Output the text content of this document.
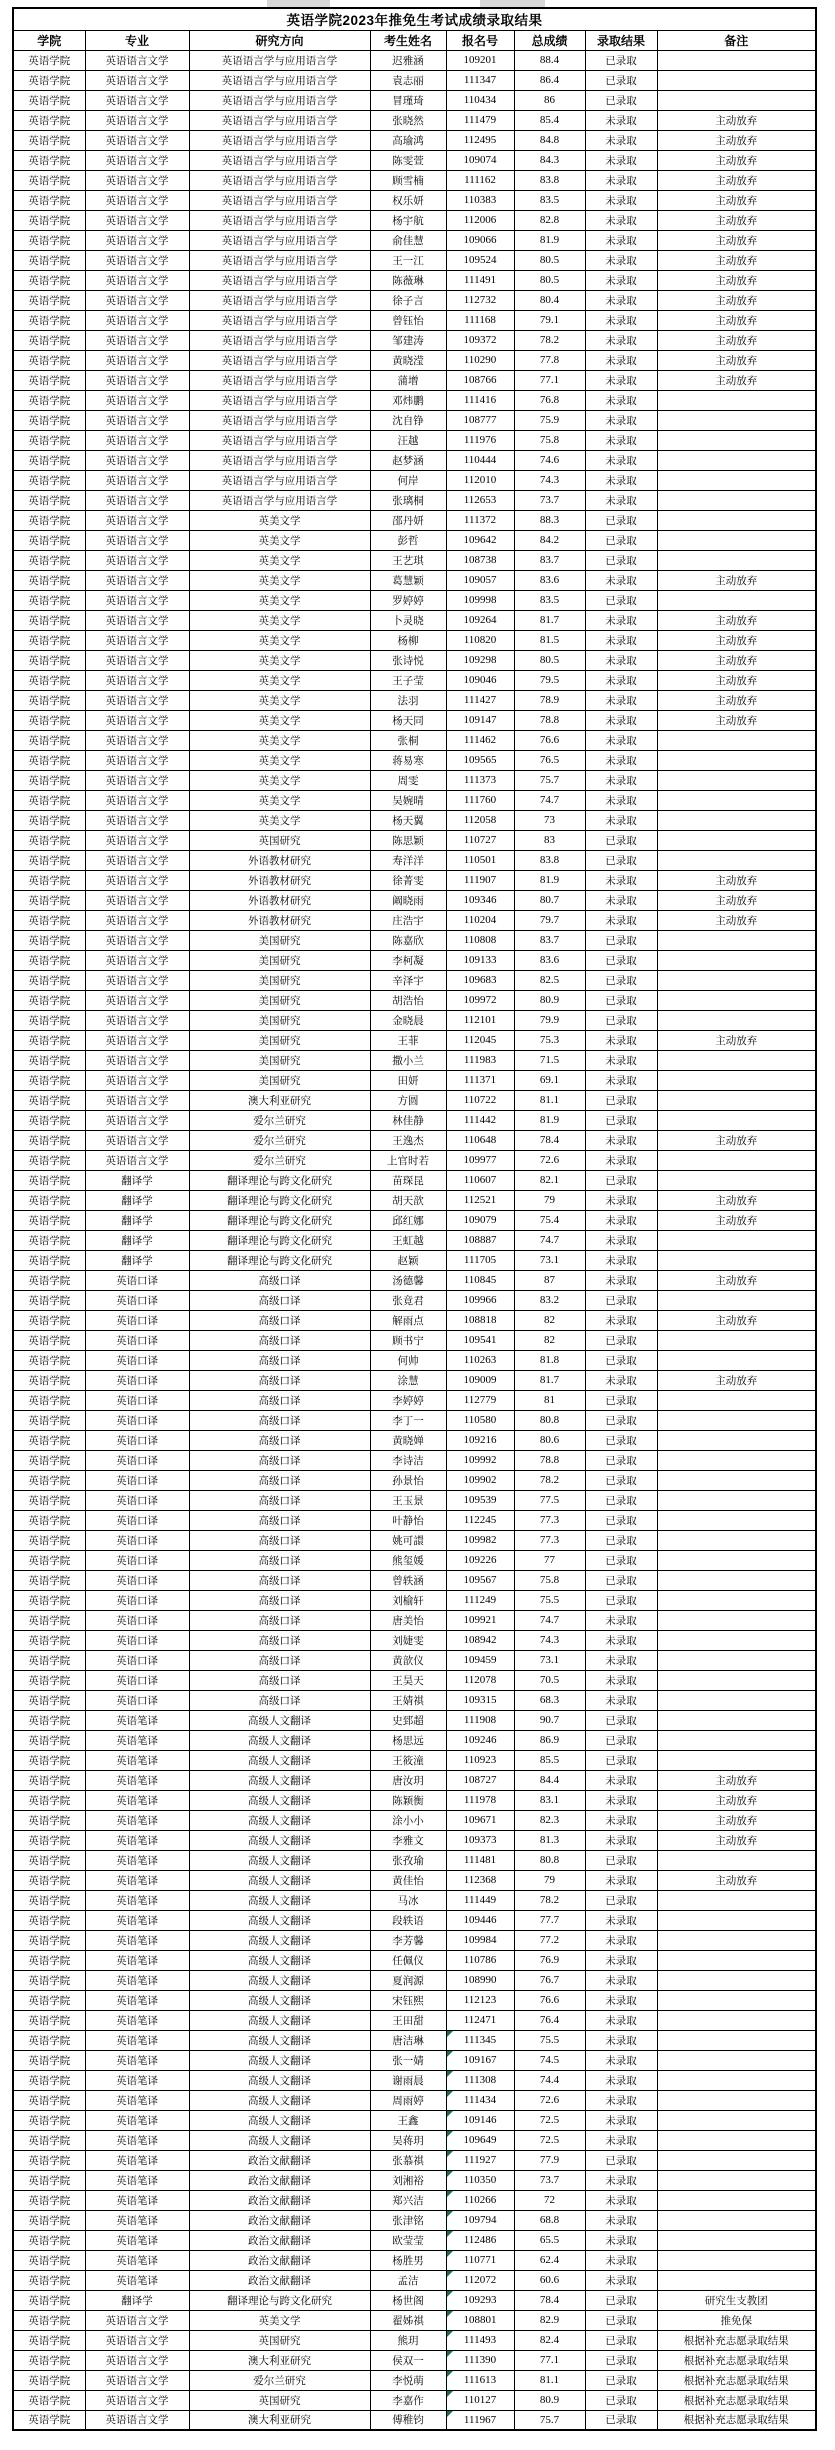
英语学院2023年推免生考试成绩录取结果							
学院	专业	研究方向	考生姓名	报名号	总成绩	录取结果	备注
英语学院	英语语言文学	英语语言学与应用语言学	迟雅涵	109201	88.4	已录取	
英语学院	英语语言文学	英语语言学与应用语言学	袁志丽	111347	86.4	已录取	
英语学院	英语语言文学	英语语言学与应用语言学	冒瑾琦	110434	86	已录取	
英语学院	英语语言文学	英语语言学与应用语言学	张晓然	111479	85.4	未录取	主动放弃
英语学院	英语语言文学	英语语言学与应用语言学	高瑜鸿	112495	84.8	未录取	主动放弃
英语学院	英语语言文学	英语语言学与应用语言学	陈雯萱	109074	84.3	未录取	主动放弃
英语学院	英语语言文学	英语语言学与应用语言学	顾雪楠	111162	83.8	未录取	主动放弃
英语学院	英语语言文学	英语语言学与应用语言学	权乐妍	110383	83.5	未录取	主动放弃
英语学院	英语语言文学	英语语言学与应用语言学	杨宇航	112006	82.8	未录取	主动放弃
英语学院	英语语言文学	英语语言学与应用语言学	俞佳慧	109066	81.9	未录取	主动放弃
英语学院	英语语言文学	英语语言学与应用语言学	王一江	109524	80.5	未录取	主动放弃
英语学院	英语语言文学	英语语言学与应用语言学	陈薇琳	111491	80.5	未录取	主动放弃
英语学院	英语语言文学	英语语言学与应用语言学	徐子言	112732	80.4	未录取	主动放弃
英语学院	英语语言文学	英语语言学与应用语言学	曾钰怡	111168	79.1	未录取	主动放弃
英语学院	英语语言文学	英语语言学与应用语言学	邹建涛	109372	78.2	未录取	主动放弃
英语学院	英语语言文学	英语语言学与应用语言学	黄晓滢	110290	77.8	未录取	主动放弃
英语学院	英语语言文学	英语语言学与应用语言学	蒲增	108766	77.1	未录取	主动放弃
英语学院	英语语言文学	英语语言学与应用语言学	邓炜鹏	111416	76.8	未录取	
英语学院	英语语言文学	英语语言学与应用语言学	沈自铮	108777	75.9	未录取	
英语学院	英语语言文学	英语语言学与应用语言学	汪越	111976	75.8	未录取	
英语学院	英语语言文学	英语语言学与应用语言学	赵梦涵	110444	74.6	未录取	
英语学院	英语语言文学	英语语言学与应用语言学	何岸	112010	74.3	未录取	
英语学院	英语语言文学	英语语言学与应用语言学	张璃桐	112653	73.7	未录取	
英语学院	英语语言文学	英美文学	邵丹妍	111372	88.3	已录取	
英语学院	英语语言文学	英美文学	彭哲	109642	84.2	已录取	
英语学院	英语语言文学	英美文学	王艺琪	108738	83.7	已录取	
英语学院	英语语言文学	英美文学	葛慧颖	109057	83.6	未录取	主动放弃
英语学院	英语语言文学	英美文学	罗婷婷	109998	83.5	已录取	
英语学院	英语语言文学	英美文学	卜灵晓	109264	81.7	未录取	主动放弃
英语学院	英语语言文学	英美文学	杨柳	110820	81.5	未录取	主动放弃
英语学院	英语语言文学	英美文学	张诗悦	109298	80.5	未录取	主动放弃
英语学院	英语语言文学	英美文学	王子莹	109046	79.5	未录取	主动放弃
英语学院	英语语言文学	英美文学	法羽	111427	78.9	未录取	主动放弃
英语学院	英语语言文学	英美文学	杨天同	109147	78.8	未录取	主动放弃
英语学院	英语语言文学	英美文学	张桐	111462	76.6	未录取	
英语学院	英语语言文学	英美文学	蒋易寒	109565	76.5	未录取	
英语学院	英语语言文学	英美文学	周雯	111373	75.7	未录取	
英语学院	英语语言文学	英美文学	吴婉晴	111760	74.7	未录取	
英语学院	英语语言文学	英美文学	杨天翼	112058	73	未录取	
英语学院	英语语言文学	英国研究	陈思颖	110727	83	已录取	
英语学院	英语语言文学	外语教材研究	寿洋洋	110501	83.8	已录取	
英语学院	英语语言文学	外语教材研究	徐菁雯	111907	81.9	未录取	主动放弃
英语学院	英语语言文学	外语教材研究	阚晓雨	109346	80.7	未录取	主动放弃
英语学院	英语语言文学	外语教材研究	庄浩宇	110204	79.7	未录取	主动放弃
英语学院	英语语言文学	美国研究	陈嘉欣	110808	83.7	已录取	
英语学院	英语语言文学	美国研究	李柯凝	109133	83.6	已录取	
英语学院	英语语言文学	美国研究	辛泽宇	109683	82.5	已录取	
英语学院	英语语言文学	美国研究	胡浩怡	109972	80.9	已录取	
英语学院	英语语言文学	美国研究	金晓晨	112101	79.9	已录取	
英语学院	英语语言文学	美国研究	王菲	112045	75.3	未录取	主动放弃
英语学院	英语语言文学	美国研究	撒小兰	111983	71.5	未录取	
英语学院	英语语言文学	美国研究	田妍	111371	69.1	未录取	
英语学院	英语语言文学	澳大利亚研究	方圆	110722	81.1	已录取	
英语学院	英语语言文学	爱尔兰研究	林佳静	111442	81.9	已录取	
英语学院	英语语言文学	爱尔兰研究	王逸杰	110648	78.4	未录取	主动放弃
英语学院	英语语言文学	爱尔兰研究	上官时若	109977	72.6	未录取	
英语学院	翻译学	翻译理论与跨文化研究	苗琛昆	110607	82.1	已录取	
英语学院	翻译学	翻译理论与跨文化研究	胡天歆	112521	79	未录取	主动放弃
英语学院	翻译学	翻译理论与跨文化研究	邱红娜	109079	75.4	未录取	主动放弃
英语学院	翻译学	翻译理论与跨文化研究	王虹越	108887	74.7	未录取	
英语学院	翻译学	翻译理论与跨文化研究	赵颖	111705	73.1	未录取	
英语学院	英语口译	高级口译	汤德馨	110845	87	未录取	主动放弃
英语学院	英语口译	高级口译	张竟君	109966	83.2	已录取	
英语学院	英语口译	高级口译	解雨点	108818	82	未录取	主动放弃
英语学院	英语口译	高级口译	顾书宁	109541	82	已录取	
英语学院	英语口译	高级口译	何帅	110263	81.8	已录取	
英语学院	英语口译	高级口译	涂慧	109009	81.7	未录取	主动放弃
英语学院	英语口译	高级口译	李婷婷	112779	81	已录取	
英语学院	英语口译	高级口译	李丁一	110580	80.8	已录取	
英语学院	英语口译	高级口译	黄晓婵	109216	80.6	已录取	
英语学院	英语口译	高级口译	李诗洁	109992	78.8	已录取	
英语学院	英语口译	高级口译	孙景怡	109902	78.2	已录取	
英语学院	英语口译	高级口译	王玉景	109539	77.5	已录取	
英语学院	英语口译	高级口译	叶静怡	112245	77.3	已录取	
英语学院	英语口译	高级口译	姚可譞	109982	77.3	已录取	
英语学院	英语口译	高级口译	熊玺媛	109226	77	已录取	
英语学院	英语口译	高级口译	曾轶涵	109567	75.8	已录取	
英语学院	英语口译	高级口译	刘榆轩	111249	75.5	已录取	
英语学院	英语口译	高级口译	唐美怡	109921	74.7	未录取	
英语学院	英语口译	高级口译	刘婕雯	108942	74.3	未录取	
英语学院	英语口译	高级口译	黄歆仪	109459	73.1	未录取	
英语学院	英语口译	高级口译	王昊天	112078	70.5	未录取	
英语学院	英语口译	高级口译	王婧祺	109315	68.3	未录取	
英语学院	英语笔译	高级人文翻译	史郅超	111908	90.7	已录取	
英语学院	英语笔译	高级人文翻译	杨思远	109246	86.9	已录取	
英语学院	英语笔译	高级人文翻译	王筱潼	110923	85.5	已录取	
英语学院	英语笔译	高级人文翻译	唐汝玥	108727	84.4	未录取	主动放弃
英语学院	英语笔译	高级人文翻译	陈颖衡	111978	83.1	未录取	主动放弃
英语学院	英语笔译	高级人文翻译	涂小小	109671	82.3	未录取	主动放弃
英语学院	英语笔译	高级人文翻译	李雅文	109373	81.3	未录取	主动放弃
英语学院	英语笔译	高级人文翻译	张孜瑜	111481	80.8	已录取	
英语学院	英语笔译	高级人文翻译	黄佳怡	112368	79	未录取	主动放弃
英语学院	英语笔译	高级人文翻译	马冰	111449	78.2	已录取	
英语学院	英语笔译	高级人文翻译	段轶语	109446	77.7	未录取	
英语学院	英语笔译	高级人文翻译	李芳馨	109984	77.2	未录取	
英语学院	英语笔译	高级人文翻译	任佩仪	110786	76.9	未录取	
英语学院	英语笔译	高级人文翻译	夏润源	108990	76.7	未录取	
英语学院	英语笔译	高级人文翻译	宋钰熙	112123	76.6	未录取	
英语学院	英语笔译	高级人文翻译	王田甜	112471	76.4	未录取	
英语学院	英语笔译	高级人文翻译	唐洁琳	111345	75.5	未录取	
英语学院	英语笔译	高级人文翻译	张一婧	109167	74.5	未录取	
英语学院	英语笔译	高级人文翻译	谢雨晨	111308	74.4	未录取	
英语学院	英语笔译	高级人文翻译	周雨婷	111434	72.6	未录取	
英语学院	英语笔译	高级人文翻译	王鑫	109146	72.5	未录取	
英语学院	英语笔译	高级人文翻译	吴蒋玥	109649	72.5	未录取	
英语学院	英语笔译	政治文献翻译	张慕祺	111927	77.9	已录取	
英语学院	英语笔译	政治文献翻译	刘湘裕	110350	73.7	未录取	
英语学院	英语笔译	政治文献翻译	郑兴洁	110266	72	未录取	
英语学院	英语笔译	政治文献翻译	张津铭	109794	68.8	未录取	
英语学院	英语笔译	政治文献翻译	欧莹莹	112486	65.5	未录取	
英语学院	英语笔译	政治文献翻译	杨胜男	110771	62.4	未录取	
英语学院	英语笔译	政治文献翻译	孟洁	112072	60.6	未录取	
英语学院	翻译学	翻译理论与跨文化研究	杨世阁	109293	78.4	已录取	研究生支教团
英语学院	英语语言文学	英美文学	翟姊祺	108801	82.9	已录取	推免保
英语学院	英语语言文学	英国研究	熊玥	111493	82.4	已录取	根据补充志愿录取结果
英语学院	英语语言文学	澳大利亚研究	侯双一	111390	77.1	已录取	根据补充志愿录取结果
英语学院	英语语言文学	爱尔兰研究	李悦萌	111613	81.1	已录取	根据补充志愿录取结果
英语学院	英语语言文学	英国研究	李嘉作	110127	80.9	已录取	根据补充志愿录取结果
英语学院	英语语言文学	澳大利亚研究	傅稚钧	111967	75.7	已录取	根据补充志愿录取结果
